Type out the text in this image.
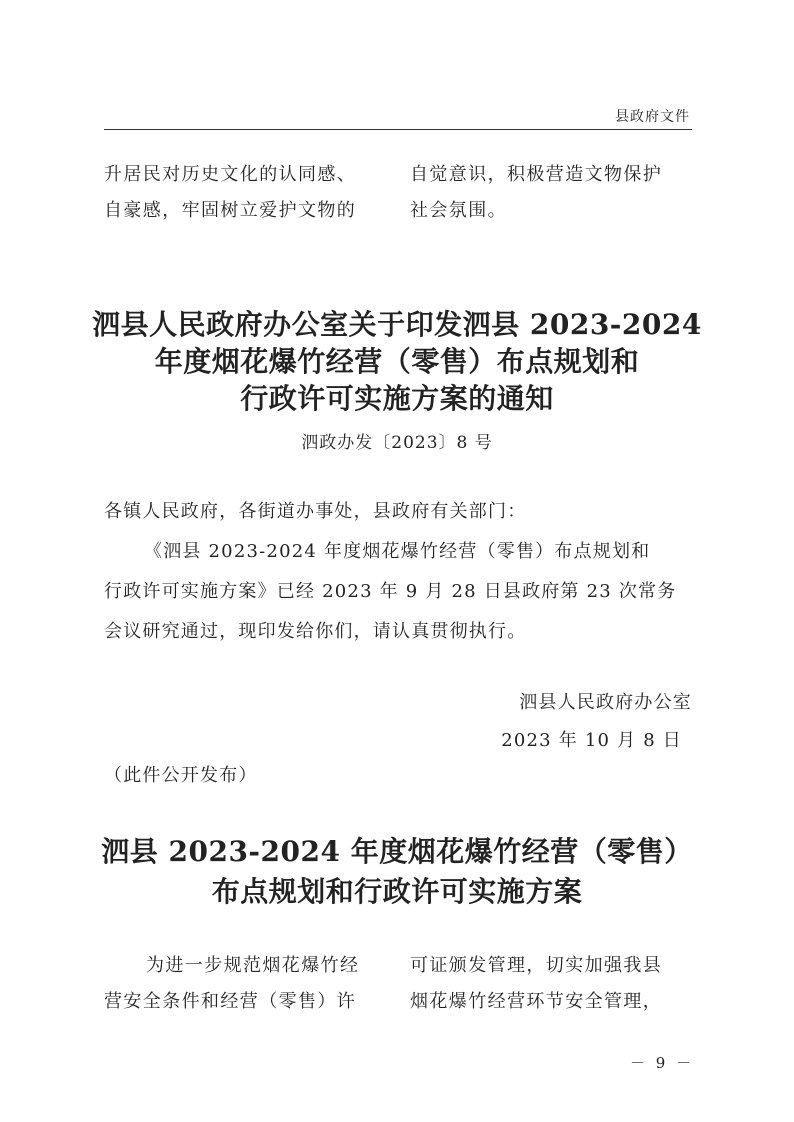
县政府文件
升居民对历史文化的认同感、
自豪感，牢固树立爱护文物的
自觉意识，积极营造文物保护
社会氛围。
泗县人民政府办公室关于印发泗县 2023-2024
年度烟花爆竹经营（零售）布点规划和
行政许可实施方案的通知
泗政办发〔2023〕8 号
各镇人民政府，各街道办事处，县政府有关部门：
《泗县 2023-2024 年度烟花爆竹经营（零售）布点规划和
行政许可实施方案》已经 2023 年 9 月 28 日县政府第 23 次常务
会议研究通过，现印发给你们，请认真贯彻执行。
泗县人民政府办公室
2023 年 10 月 8 日
（此件公开发布）
泗县 2023-2024 年度烟花爆竹经营（零售）
布点规划和行政许可实施方案
为进一步规范烟花爆竹经
营安全条件和经营（零售）许
可证颁发管理，切实加强我县
烟花爆竹经营环节安全管理，
－ 9 －
